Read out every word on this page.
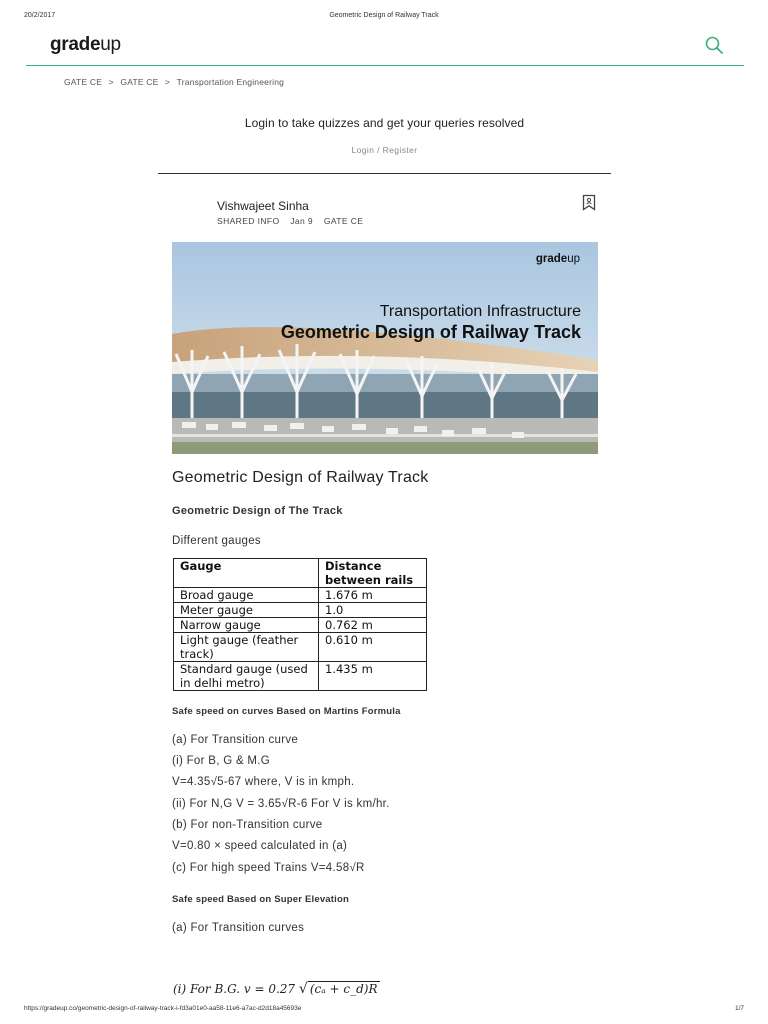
20/2/2017	Geometric Design of Railway Track
gradeup
GATE CE > GATE CE > Transportation Engineering
Login to take quizzes and get your queries resolved
Login / Register
Vishwajeet Sinha
SHARED INFO Jan 9 GATE CE
gradeup
Transportation Infrastructure
Geometric Design of Railway Track
Geometric Design of Railway Track
Geometric Design of The Track
Different gauges
Gauge	Distance between rails
Broad gauge	1.676 m
Meter gauge	1.0
Narrow gauge	0.762 m
Light gauge (feather track)	0.610 m
Standard gauge (used in delhi metro)	1.435 m
Safe speed on curves Based on Martins Formula
(a) For Transition curve
(i) For B, G & M.G
V=4.35√5-67 where, V is in kmph.
(ii) For N,G V = 3.65√R-6 For V is km/hr.
(b) For non-Transition curve
V=0.80 × speed calculated in (a)
(c) For high speed Trains V=4.58√R
Safe speed Based on Super Elevation
(a) For Transition curves
(i) For B.G. v = 0.27 √ (cₐ + c_d)R
https://gradeup.co/geometric-design-of-railway-track-i-fd3a01e0-aa58-11e6-a7ac-d2d18a45693e	1/7
